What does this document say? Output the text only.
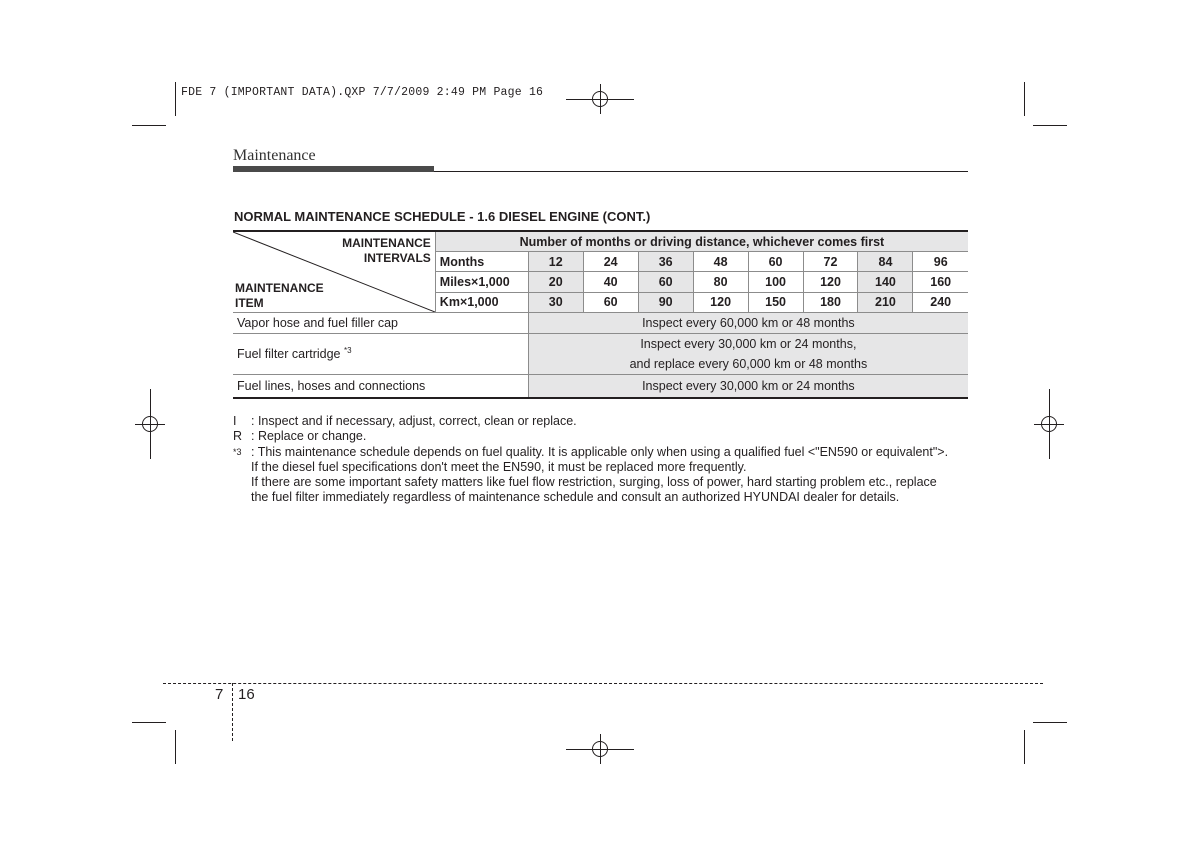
FDE 7 (IMPORTANT DATA).QXP 7/7/2009 2:49 PM Page 16
Maintenance
NORMAL MAINTENANCE SCHEDULE - 1.6 DIESEL ENGINE (CONT.)
MAINTENANCE
INTERVALS
MAINTENANCE
ITEM	Number of months or driving distance, whichever comes first								
	Months	12	24	36	48	60	72	84	96
	Miles×1,000	20	40	60	80	100	120	140	160
	Km×1,000	30	60	90	120	150	180	210	240
Vapor hose and fuel filler cap		Inspect every 60,000 km or 48 months							
Fuel filter cartridge $^{*3}$		Inspect every 30,000 km or 24 months,
and replace every 60,000 km or 48 months							

Fuel lines, hoses and connections		Inspect every 30,000 km or 24 months							
I : Inspect and if necessary, adjust, correct, clean or replace.
R : Replace or change.
*3 : This maintenance schedule depends on fuel quality. It is applicable only when using a qualified fuel <"EN590 or equivalent">.
If the diesel fuel specifications don't meet the EN590, it must be replaced more frequently.
If there are some important safety matters like fuel flow restriction, surging, loss of power, hard starting problem etc., replace
the fuel filter immediately regardless of maintenance schedule and consult an authorized HYUNDAI dealer for details.
7 16
